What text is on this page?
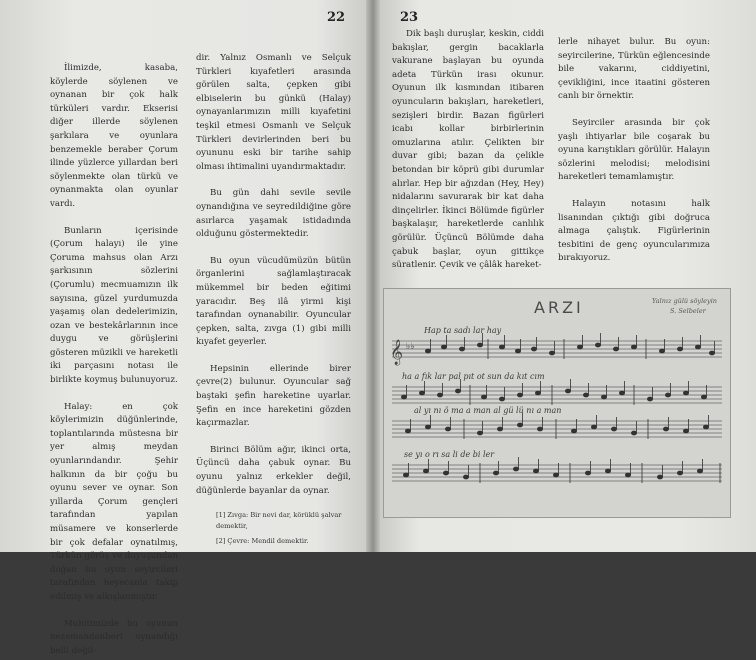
22

İlimizde, kasaba, köylerde söylenen ve oynanan bir çok halk türküleri vardır. Ekserisi diğer illerde söylenen şarkılara ve oyunlara benzemekle beraber Çorum ilinde yüzlerce yıllardan beri söylenmekte olan türkü ve oynanmakta olan oyunlar vardı.

Bunların içerisinde (Çorum halayı) ile yine Çoruma mahsus olan Arzı şarkısının sözlerini (Çorumlu) mecmuamızın ilk sayısına, güzel yurdumuzda yaşamış olan dedelerimizin, ozan ve bestekârlarının ince duygu ve görüşlerini gösteren müzikli ve hareketli iki parçasını notası ile birlikte koymuş bulunuyoruz.

Halay: en çok köylerimizin düğünlerinde, toplantılarında müstesna bir yer almış meydan oyunlarındandır. Şehir halkının da bir çoğu bu oyunu sever ve oynar. Son yıllarda Çorum gençleri tarafından yapılan müsamere ve konserlerde bir çok defalar oynatılmış, Türkün görüş ve duyuşundan doğan bu oyun seyircileri tarafından heyecanla takip edilmiş ve alkışlanmıştır.

Muhitimizde bu oyunun nezemandanberi oynandığı belli değil-

dir. Yalnız Osmanlı ve Selçuk Türkleri kıyafetleri arasında görülen salta, çepken gibi elbiselerin bu günkü (Halay) oynayanlarımızın milli kıyafetini teşkil etmesi Osmanlı ve Selçuk Türkleri devirlerinden beri bu oyununu eski bir tarihe sahip olması ihtimalini uyandırmaktadır.

Bu gün dahi sevile sevile oynandığına ve seyredildiğine göre asırlarca yaşamak istidadında olduğunu göstermektedir.

Bu oyun vücudümüzün bütün örganlerini sağlamlaştıracak mükemmel bir beden eğitimi yaracıdır. Beş ilâ yirmi kişi tarafından oynanabilir. Oyuncular çepken, salta, zıvga (1) gibi milli kıyafet geyerler.

Hepsinin ellerinde birer çevre(2) bulunur. Oyuncular sağ baştaki şefin hareketine uyarlar. Şefin en ince hareketini gözden kaçırmazlar.

Birinci Bölüm ağır, ikinci orta, Üçüncü daha çabuk oynar. Bu oyunu yalnız erkekler değil, düğünlerde bayanlar da oynar.

[1] Zıvga: Bir nevi dar, körüklü şalvar demektir,
[2] Çevre: Mendil demektir.
23

Dik başlı duruşlar, keskin, ciddi bakışlar, gergin bacaklarla vakurane başlayan bu oyunda adeta Türkün irası okunur. Oyunun ilk kısmından itibaren oyuncuların bakışları, hareketleri, sezişleri birdir. Bazan figürleri icabı kollar birbirlerinin omuzlarına atılır. Çelikten bir duvar gibi; bazan da çelikle betondan bir köprü gibi durumlar alırlar. Hep bir ağızdan (Hey, Hey) nidalarını savurarak bir kat daha dinçelirler. İkinci Bölümde figürler başkalaşır, hareketlerde canlılık görülür. Üçüncü Bölümde daha çabuk başlar, oyun gittikçe süratlenir. Çevik ve çâlâk hareket-

lerle nihayet bulur. Bu oyun: seyircilerine, Türkün eğlencesinde bile vakarını, ciddiyetini, çevikliğini, ince itaatini gösteren canlı bir örnektir.

Seyirciler arasında bir çok yaşlı ihtiyarlar bile coşarak bu oyuna karıştıkları görülür. Halayın sözlerini melodisi; melodisini hareketleri temamlamıştır.

Halayın notasını halk lisanından çıktığı gibi doğruca almaga çalıştık. Figürlerinin tesbitini de genç oyuncularımıza bırakıyoruz.

ARZI	Yalnız gülü söyleyin
S. Selbeler
𝄞 ♭♭
Hap ta sadı lar hay
ha a fık lar pal pıt ot sun da kıt cım
al yı nı ö ma a man al gü lü nı a man
se yı o rı sa li de bi ler
